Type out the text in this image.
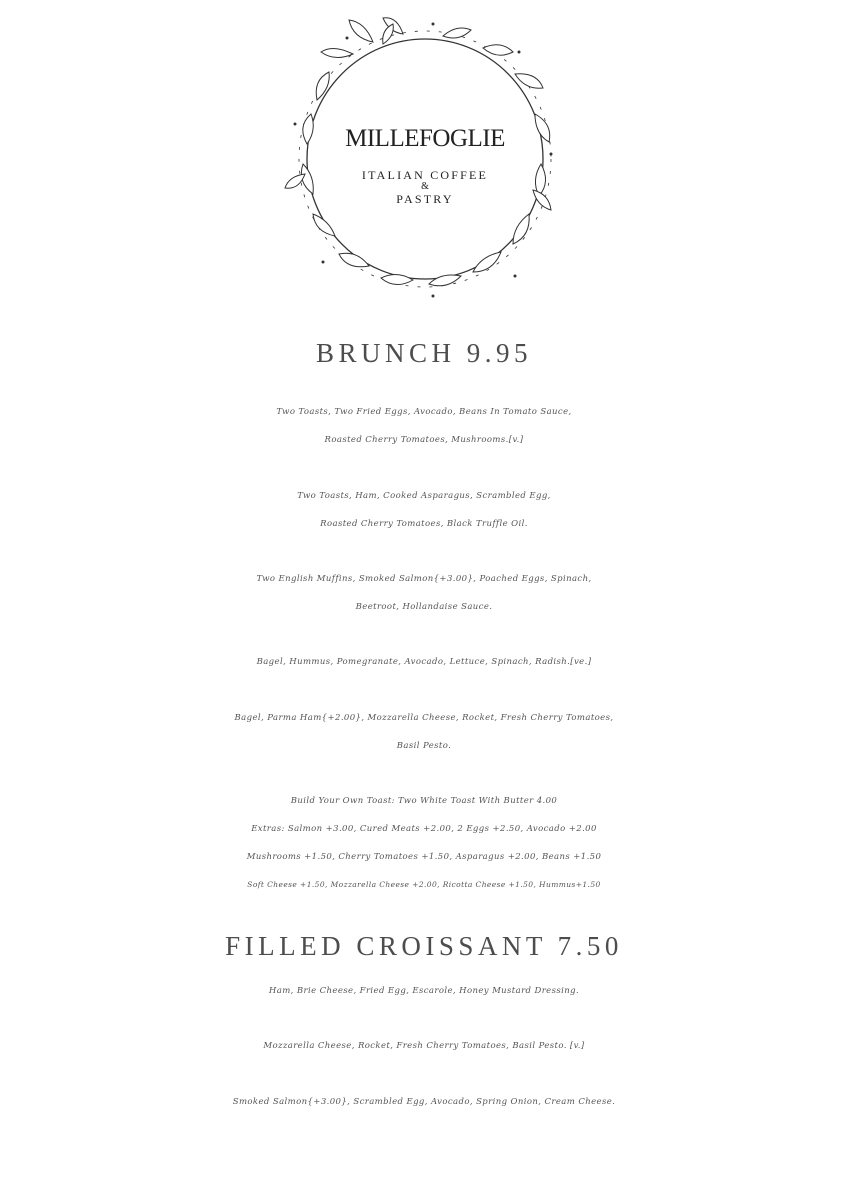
MILLEFOGLIE
ITALIAN COFFEE
&
PASTRY
BRUNCH 9.95
Two Toasts, Two Fried Eggs, Avocado, Beans In Tomato Sauce,
Roasted Cherry Tomatoes, Mushrooms.[v.]
Two Toasts, Ham, Cooked Asparagus, Scrambled Egg,
Roasted Cherry Tomatoes, Black Truffle Oil.
Two English Muffins, Smoked Salmon{+3.00}, Poached Eggs, Spinach,
Beetroot, Hollandaise Sauce.
Bagel, Hummus, Pomegranate, Avocado, Lettuce, Spinach, Radish.[ve.]
Bagel, Parma Ham{+2.00}, Mozzarella Cheese, Rocket, Fresh Cherry Tomatoes,
Basil Pesto.
Build Your Own Toast: Two White Toast With Butter 4.00
Extras: Salmon +3.00, Cured Meats +2.00, 2 Eggs +2.50, Avocado +2.00
Mushrooms +1.50, Cherry Tomatoes +1.50, Asparagus +2.00, Beans +1.50
Soft Cheese +1.50, Mozzarella Cheese +2.00, Ricotta Cheese +1.50, Hummus+1.50
FILLED CROISSANT 7.50
Ham, Brie Cheese, Fried Egg, Escarole, Honey Mustard Dressing.
Mozzarella Cheese, Rocket, Fresh Cherry Tomatoes, Basil Pesto. [v.]
Smoked Salmon{+3.00}, Scrambled Egg, Avocado, Spring Onion, Cream Cheese.
